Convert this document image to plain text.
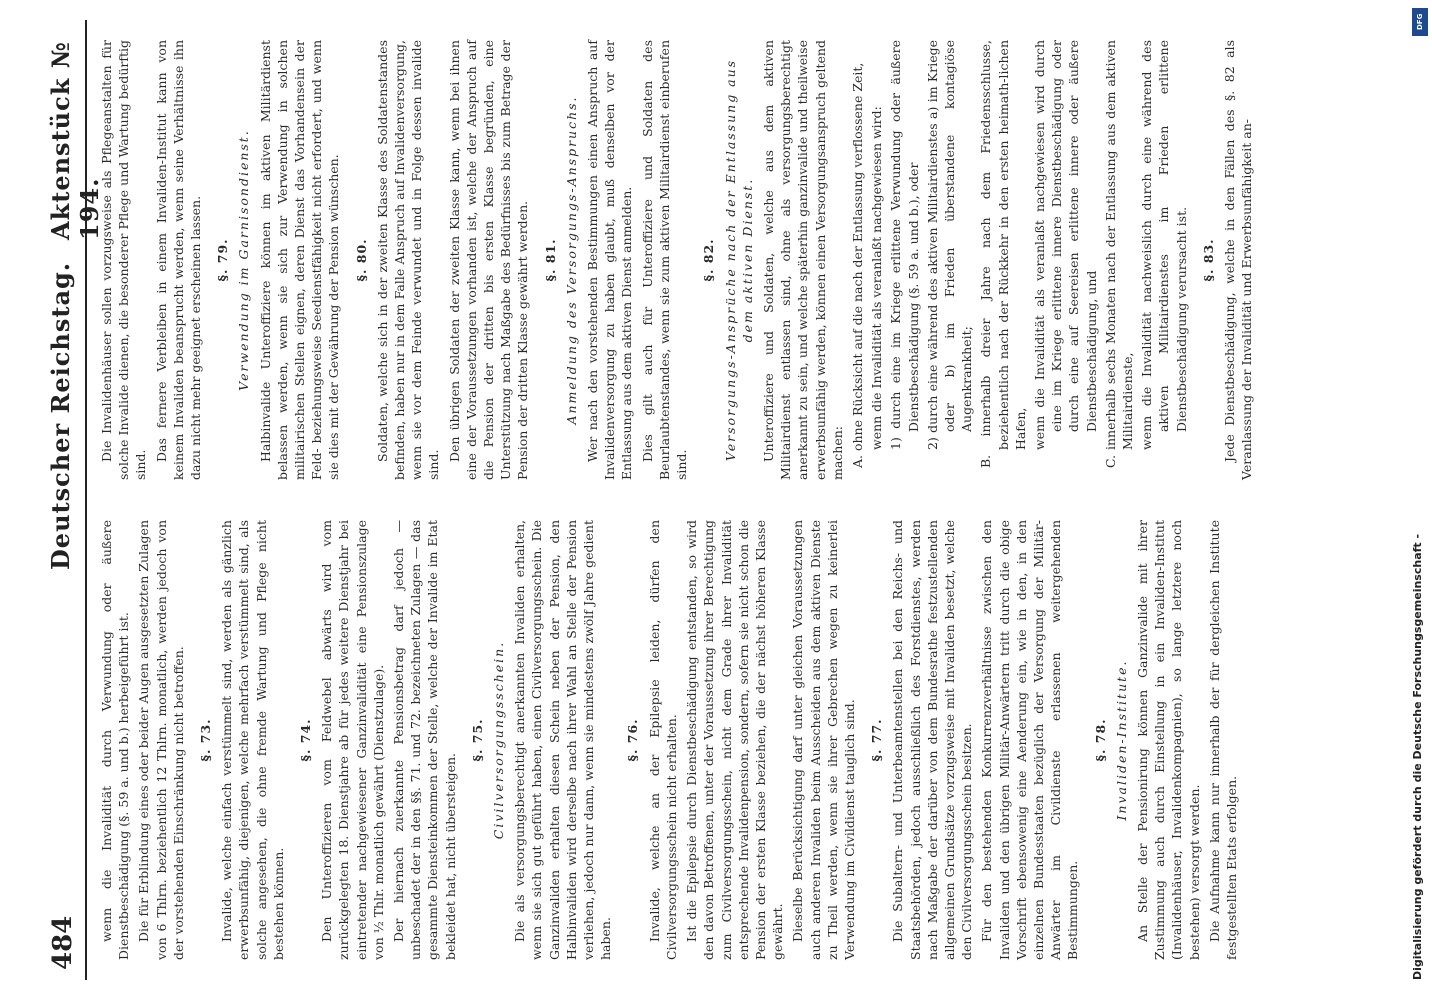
484
Deutscher Reichstag.
Aktenstück № 194.

wenn die Invalidität durch Verwundung oder äußere Dienstbeschädigung (§. 59 a. und b.) herbeigeführt ist. Die für Erblindung eines oder beider Augen ausgesetzten Zulagen von 6 Thlrn. beziehentlich 12 Thlrn. monatlich, werden jedoch von der vorstehenden Einschränkung nicht betroffen. §. 73. Invalide, welche einfach verstümmelt sind, werden als gänzlich erwerbsunfähig, diejenigen, welche mehrfach verstümmelt sind, als solche angesehen, die ohne fremde Wartung und Pflege nicht bestehen können.

§. 74. Den Unteroffizieren vom Feldwebel abwärts wird vom zurückgelegten 18. Dienstjahre ab für jedes weitere Dienstjahr bei eintretender nachgewiesener Ganzinvalidität eine Pensionszulage von ½ Thlr. monatlich gewährt (Dienstzulage). Der hiernach zuerkannte Pensionsbetrag darf jedoch — unbeschadet der in den §§. 71. und 72. bezeichneten Zulagen — das gesammte Diensteinkommen der Stelle, welche der Invalide im Etat bekleidet hat, nicht übersteigen.

§. 75. Civilversorgungsschein. Die als versorgungsberechtigt anerkannten Invaliden erhalten, wenn sie sich gut geführt haben, einen Civilversorgungsschein. Die Ganzinvaliden erhalten diesen Schein neben der Pension, den Halbinvaliden wird derselbe nach ihrer Wahl an Stelle der Pension verliehen, jedoch nur dann, wenn sie mindestens zwölf Jahre gedient haben.

§. 76. Invalide, welche an der Epilepsie leiden, dürfen den Civilversorgungsschein nicht erhalten. Ist die Epilepsie durch Dienstbeschädigung entstanden, so wird den davon Betroffenen, unter der Voraussetzung ihrer Berechtigung zum Civilversorgungsschein, nicht dem Grade ihrer Invalidität entsprechende Invalidenpension, sondern, sofern sie nicht schon die Pension der ersten Klasse beziehen, die der nächst höheren Klasse gewährt. Dieselbe Berücksichtigung darf unter gleichen Voraussetzungen auch anderen Invaliden beim Ausscheiden aus dem aktiven Dienste zu Theil werden, wenn sie ihrer Gebrechen wegen zu keinerlei Verwendung im Civildienst tauglich sind. §. 77. Die Subaltern- und Unterbeamtenstellen bei den Reichs- und Staatsbehörden, jedoch ausschließlich des Forstdienstes, werden nach Maßgabe der darüber von dem Bundesrathe festzustellenden allgemeinen Grundsätze vorzugsweise mit Invaliden besetzt, welche den Civilversorgungsschein besitzen. Für den bestehenden Konkurrenzverhältnisse zwischen den Invaliden und den übrigen Militär-Anwärtern tritt durch die obige Vorschrift ebensowenig eine Aenderung ein, wie in den, in den einzelnen Bundesstaaten bezüglich der Versorgung der Militär-Anwärter im Civildienste erlassenen weitergehenden Bestimmungen.

§. 78. Invaliden-Institute. An Stelle der Pensionirung können Ganzinvalide mit ihrer Zustimmung auch durch Einstellung in ein Invaliden-Institut (Invalidenhäuser, Invalidenkompagnien), so lange letztere noch bestehen) versorgt werden. Die Aufnahme kann nur innerhalb der für dergleichen Institute festgestellten Etats erfolgen.

Die Invalidenhäuser sollen vorzugsweise als Pflegeanstalten für solche Invalide dienen, die besonderer Pflege und Wartung bedürftig sind.

Das fernere Verbleiben in einem Invaliden-Institut kann von keinem Invaliden beansprucht werden, wenn seine Verhältnisse ihn dazu nicht mehr geeignet erscheinen lassen. §. 79. Verwendung im Garnisondienst. Halbinvalide Unteroffiziere können im aktiven Militärdienst belassen werden, wenn sie sich zur Verwendung in solchen militairischen Stellen eignen, deren Dienst das Vorhandensein der Feld- beziehungsweise Seedienstfähigkeit nicht erfordert, und wenn sie dies mit der Gewährung der Pension wünschen. §. 80. Soldaten, welche sich in der zweiten Klasse des Soldatenstandes befinden, haben nur in dem Falle Anspruch auf Invalidenversorgung, wenn sie vor dem Feinde verwundet und in Folge dessen invalide sind.

Den übrigen Soldaten der zweiten Klasse kann, wenn bei ihnen eine der Voraussetzungen vorhanden ist, welche der Anspruch auf die Pension der dritten bis ersten Klasse begründen, eine Unterstützung nach Maßgabe des Bedürfnisses bis zum Betrage der Pension der dritten Klasse gewährt werden. §. 81. Anmeldung des Versorgungs-Anspruchs. Wer nach den vorstehenden Bestimmungen einen Anspruch auf Invalidenversorgung zu haben glaubt, muß denselben vor der Entlassung aus dem aktiven Dienst anmelden. Dies gilt auch für Unteroffiziere und Soldaten des Beurlaubtenstandes, wenn sie zum aktiven Militairdienst einberufen sind.

§. 82. Versorgungs-Ansprüche nach der Entlassung aus dem aktiven Dienst. Unteroffiziere und Soldaten, welche aus dem aktiven Militairdienst entlassen sind, ohne als versorgungsberechtigt anerkannt zu sein, und welche späterhin ganzinvalide und theilweise erwerbsunfähig werden, können einen Versorgungsanspruch geltend machen: A. ohne Rücksicht auf die nach der Entlassung verflossene Zeit, wenn die Invalidität als veranlaßt nachgewiesen wird: 1) durch eine im Kriege erlittene Verwundung oder äußere Dienstbeschädigung (§. 59 a. und b.), oder 2) durch eine während des aktiven Militairdienstes a) im Kriege oder b) im Frieden überstandene kontagiöse Augenkrankheit; B. innerhalb dreier Jahre nach dem Friedensschlusse, beziehentlich nach der Rückkehr in den ersten heimath-lichen Hafen, wenn die Invalidität als veranlaßt nachgewiesen wird durch eine im Kriege erlittene innere Dienstbeschädigung oder durch eine auf Seereisen erlittene innere oder äußere Dienstbeschädigung, und C. innerhalb sechs Monaten nach der Entlassung aus dem aktiven Militairdienste, wenn die Invalidität nachweislich durch eine während des aktiven Militairdienstes im Frieden erlittene Dienstbeschädigung verursacht ist. §. 83. Jede Dienstbeschädigung, welche in den Fällen des §. 82 als Veranlassung der Invalidität und Erwerbsunfähigkeit an-

DFG
Digitalisierung gefördert durch die Deutsche Forschungsgemeinschaft -
